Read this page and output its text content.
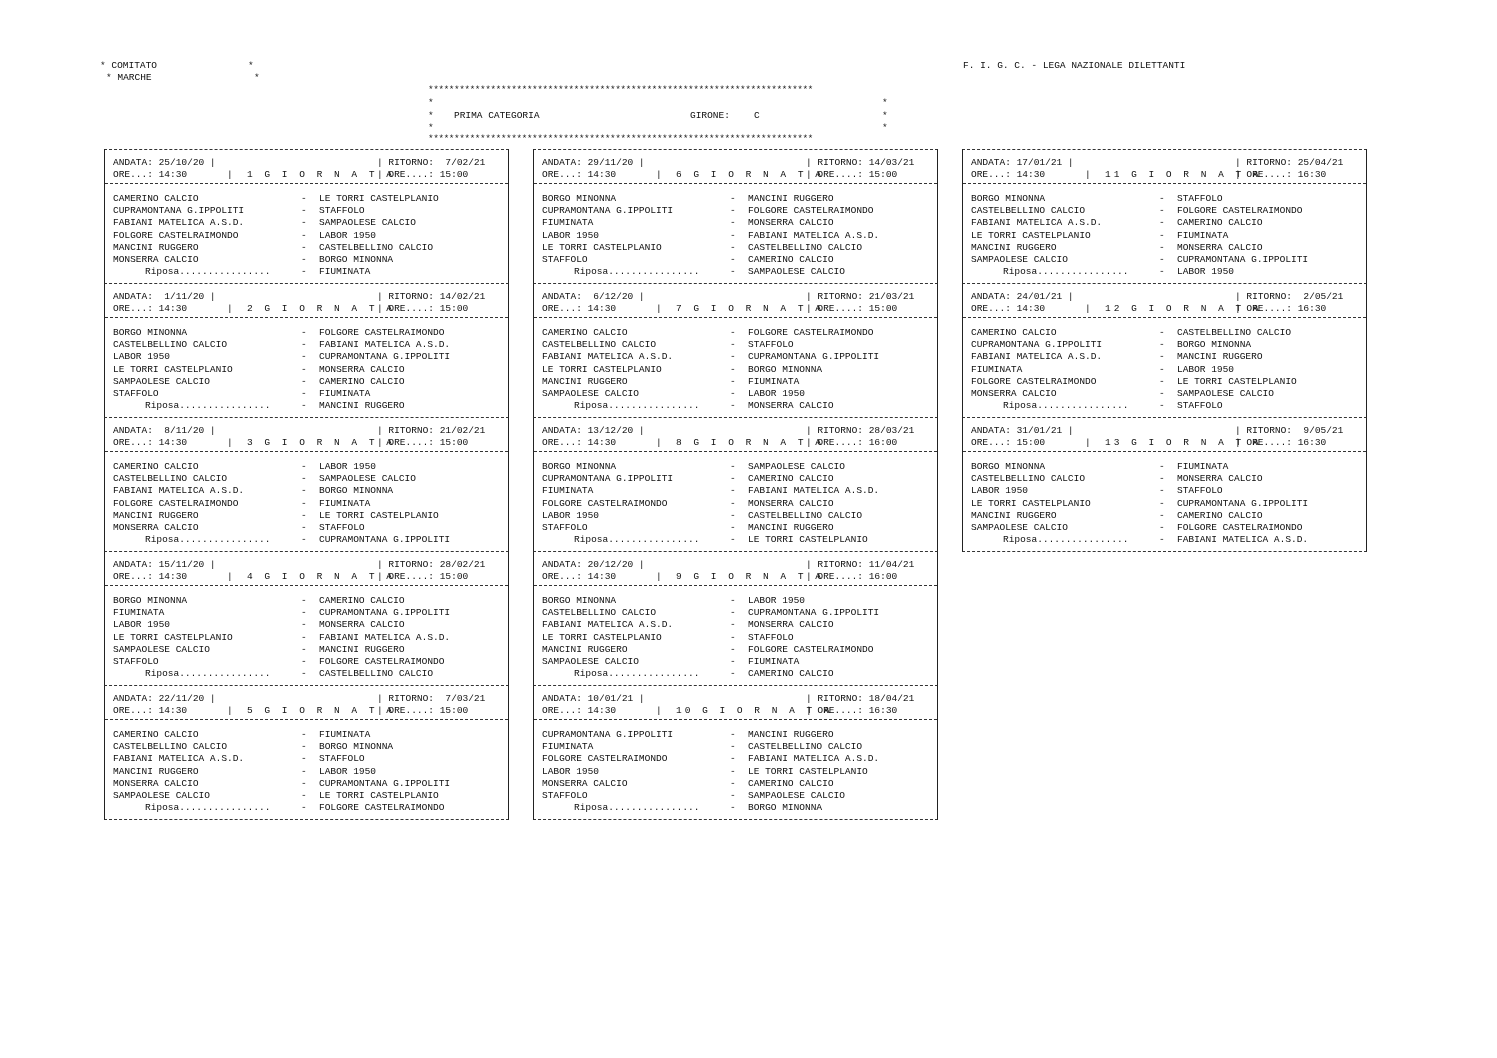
* COMITATO

	*

* MARCHE

	*

F. I. G. C. - LEGA NAZIONALE DILETTANTI

**************************************************************************

*

	*

*

PRIMA CATEGORIA

	GIRONE:

	C

	*

*

	*

**************************************************************************

ANDATA: 25/10/20 |	| RITORNO:  7/02/21
ORE...: 14:30	| 1 G I O R N A T A
| ORE....: 15:00
CAMERINO CALCIO	- LE TORRI CASTELPLANIO
CUPRAMONTANA G.IPPOLITI	- STAFFOLO
FABIANI MATELICA A.S.D.	- SAMPAOLESE CALCIO
FOLGORE CASTELRAIMONDO	- LABOR 1950
MANCINI RUGGERO	- CASTELBELLINO CALCIO
MONSERRA CALCIO	- BORGO MINONNA
Riposa................	- FIUMINATA
ANDATA:  1/11/20 |	| RITORNO: 14/02/21
ORE...: 14:30	| 2 G I O R N A T A
| ORE....: 15:00
BORGO MINONNA	- FOLGORE CASTELRAIMONDO
CASTELBELLINO CALCIO	- FABIANI MATELICA A.S.D.
LABOR 1950	- CUPRAMONTANA G.IPPOLITI
LE TORRI CASTELPLANIO	- MONSERRA CALCIO
SAMPAOLESE CALCIO	- CAMERINO CALCIO
STAFFOLO	- FIUMINATA
Riposa................	- MANCINI RUGGERO
ANDATA:  8/11/20 |	| RITORNO: 21/02/21
ORE...: 14:30	| 3 G I O R N A T A
| ORE....: 15:00
CAMERINO CALCIO	- LABOR 1950
CASTELBELLINO CALCIO	- SAMPAOLESE CALCIO
FABIANI MATELICA A.S.D.	- BORGO MINONNA
FOLGORE CASTELRAIMONDO	- FIUMINATA
MANCINI RUGGERO	- LE TORRI CASTELPLANIO
MONSERRA CALCIO	- STAFFOLO
Riposa................	- CUPRAMONTANA G.IPPOLITI
ANDATA: 15/11/20 |	| RITORNO: 28/02/21
ORE...: 14:30	| 4 G I O R N A T A
| ORE....: 15:00
BORGO MINONNA	- CAMERINO CALCIO
FIUMINATA	- CUPRAMONTANA G.IPPOLITI
LABOR 1950	- MONSERRA CALCIO
LE TORRI CASTELPLANIO	- FABIANI MATELICA A.S.D.
SAMPAOLESE CALCIO	- MANCINI RUGGERO
STAFFOLO	- FOLGORE CASTELRAIMONDO
Riposa................	- CASTELBELLINO CALCIO
ANDATA: 22/11/20 |	| RITORNO:  7/03/21
ORE...: 14:30	| 5 G I O R N A T A
| ORE....: 15:00
CAMERINO CALCIO	- FIUMINATA
CASTELBELLINO CALCIO	- BORGO MINONNA
FABIANI MATELICA A.S.D.	- STAFFOLO
MANCINI RUGGERO	- LABOR 1950
MONSERRA CALCIO	- CUPRAMONTANA G.IPPOLITI
SAMPAOLESE CALCIO	- LE TORRI CASTELPLANIO
Riposa................	- FOLGORE CASTELRAIMONDO
ANDATA: 29/11/20 |	| RITORNO: 14/03/21
ORE...: 14:30	| 6 G I O R N A T A
| ORE....: 15:00
BORGO MINONNA	- MANCINI RUGGERO
CUPRAMONTANA G.IPPOLITI	- FOLGORE CASTELRAIMONDO
FIUMINATA	- MONSERRA CALCIO
LABOR 1950	- FABIANI MATELICA A.S.D.
LE TORRI CASTELPLANIO	- CASTELBELLINO CALCIO
STAFFOLO	- CAMERINO CALCIO
Riposa................	- SAMPAOLESE CALCIO
ANDATA:  6/12/20 |	| RITORNO: 21/03/21
ORE...: 14:30	| 7 G I O R N A T A
| ORE....: 15:00
CAMERINO CALCIO	- FOLGORE CASTELRAIMONDO
CASTELBELLINO CALCIO	- STAFFOLO
FABIANI MATELICA A.S.D.	- CUPRAMONTANA G.IPPOLITI
LE TORRI CASTELPLANIO	- BORGO MINONNA
MANCINI RUGGERO	- FIUMINATA
SAMPAOLESE CALCIO	- LABOR 1950
Riposa................	- MONSERRA CALCIO
ANDATA: 13/12/20 |	| RITORNO: 28/03/21
ORE...: 14:30	| 8 G I O R N A T A
| ORE....: 16:00
BORGO MINONNA	- SAMPAOLESE CALCIO
CUPRAMONTANA G.IPPOLITI	- CAMERINO CALCIO
FIUMINATA	- FABIANI MATELICA A.S.D.
FOLGORE CASTELRAIMONDO	- MONSERRA CALCIO
LABOR 1950	- CASTELBELLINO CALCIO
STAFFOLO	- MANCINI RUGGERO
Riposa................	- LE TORRI CASTELPLANIO
ANDATA: 20/12/20 |	| RITORNO: 11/04/21
ORE...: 14:30	| 9 G I O R N A T A
| ORE....: 16:00
BORGO MINONNA	- LABOR 1950
CASTELBELLINO CALCIO	- CUPRAMONTANA G.IPPOLITI
FABIANI MATELICA A.S.D.	- MONSERRA CALCIO
LE TORRI CASTELPLANIO	- STAFFOLO
MANCINI RUGGERO	- FOLGORE CASTELRAIMONDO
SAMPAOLESE CALCIO	- FIUMINATA
Riposa................	- CAMERINO CALCIO
ANDATA: 10/01/21 |	| RITORNO: 18/04/21
ORE...: 14:30	| 10 G I O R N A T A
| ORE....: 16:30
CUPRAMONTANA G.IPPOLITI	- MANCINI RUGGERO
FIUMINATA	- CASTELBELLINO CALCIO
FOLGORE CASTELRAIMONDO	- FABIANI MATELICA A.S.D.
LABOR 1950	- LE TORRI CASTELPLANIO
MONSERRA CALCIO	- CAMERINO CALCIO
STAFFOLO	- SAMPAOLESE CALCIO
Riposa................	- BORGO MINONNA
ANDATA: 17/01/21 |	| RITORNO: 25/04/21
ORE...: 14:30	| 11 G I O R N A T A
| ORE....: 16:30
BORGO MINONNA	- STAFFOLO
CASTELBELLINO CALCIO	- FOLGORE CASTELRAIMONDO
FABIANI MATELICA A.S.D.	- CAMERINO CALCIO
LE TORRI CASTELPLANIO	- FIUMINATA
MANCINI RUGGERO	- MONSERRA CALCIO
SAMPAOLESE CALCIO	- CUPRAMONTANA G.IPPOLITI
Riposa................	- LABOR 1950
ANDATA: 24/01/21 |	| RITORNO:  2/05/21
ORE...: 14:30	| 12 G I O R N A T A
| ORE....: 16:30
CAMERINO CALCIO	- CASTELBELLINO CALCIO
CUPRAMONTANA G.IPPOLITI	- BORGO MINONNA
FABIANI MATELICA A.S.D.	- MANCINI RUGGERO
FIUMINATA	- LABOR 1950
FOLGORE CASTELRAIMONDO	- LE TORRI CASTELPLANIO
MONSERRA CALCIO	- SAMPAOLESE CALCIO
Riposa................	- STAFFOLO
ANDATA: 31/01/21 |	| RITORNO:  9/05/21
ORE...: 15:00	| 13 G I O R N A T A
| ORE....: 16:30
BORGO MINONNA	- FIUMINATA
CASTELBELLINO CALCIO	- MONSERRA CALCIO
LABOR 1950	- STAFFOLO
LE TORRI CASTELPLANIO	- CUPRAMONTANA G.IPPOLITI
MANCINI RUGGERO	- CAMERINO CALCIO
SAMPAOLESE CALCIO	- FOLGORE CASTELRAIMONDO
Riposa................	- FABIANI MATELICA A.S.D.
